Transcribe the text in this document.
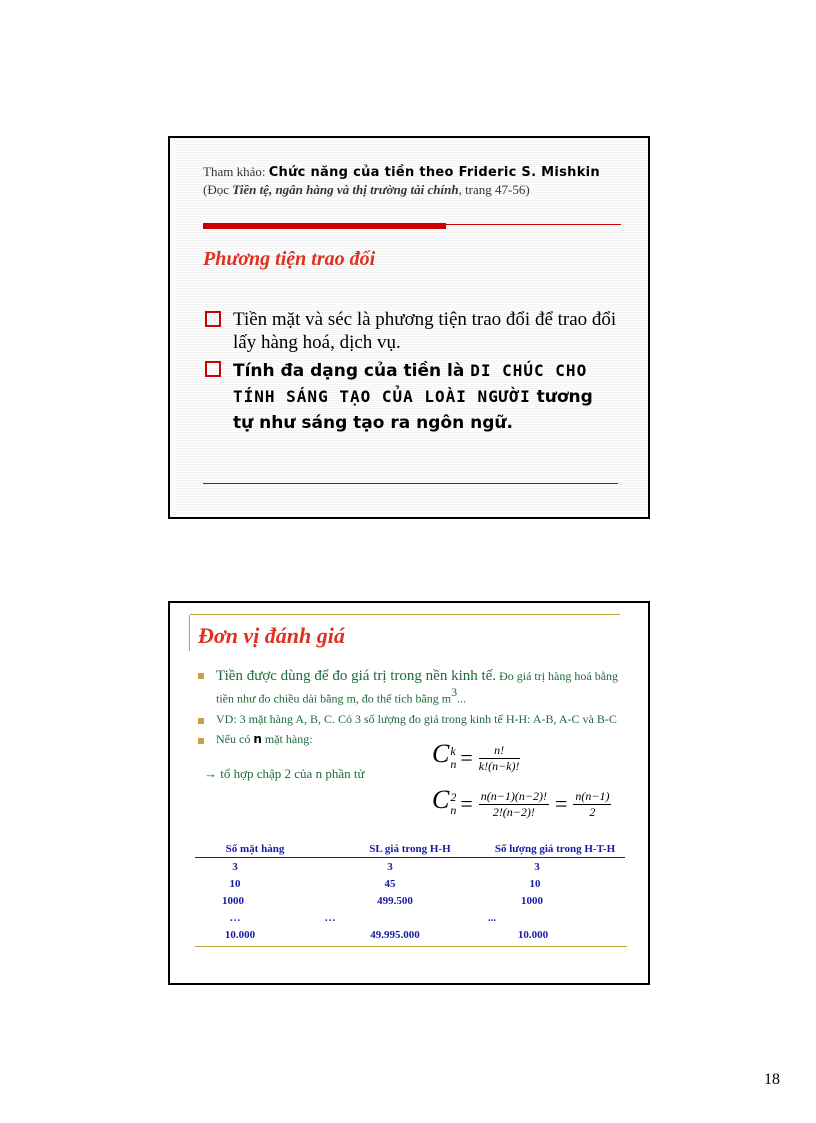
Tham khảo: Chức năng của tiền theo Frideric S. Mishkin
(Đọc Tiền tệ, ngân hàng và thị trường tài chính, trang 47-56)
Phương tiện trao đổi
Tiền mặt và séc là phương tiện trao đổi để trao đổi lấy hàng hoá, dịch vụ.
Tính đa dạng của tiền là DI CHÚC CHO TÍNH SÁNG TẠO CỦA LOÀI NGƯỜI tương tự như sáng tạo ra ngôn ngữ.
Đơn vị đánh giá
Tiền được dùng để đo giá trị trong nền kinh tế. Đo giá trị hàng hoá bằng tiền như đo chiều dài bằng m, đo thể tích bằng $m^3$...
VD: 3 mặt hàng A, B, C. Có 3 số lượng đo giá trong kinh tế H-H: A-B, A-C và B-C
Nếu có n mặt hàng:
→ tổ hợp chập 2 của n phần tử
Ck
$n = \frac{n!}{k!(n-k)!}$
C2
$n = \frac{n(n-1)(n-2)!}{2!(n-2)!} = \frac{n(n-1)}{2}$
Số mặt hàng	SL giá trong H-H	Số lượng giá trong H-T-H
3	3	3
10	45	10
1000	499.500	1000
…	…	...
10.000	49.995.000	10.000
18
